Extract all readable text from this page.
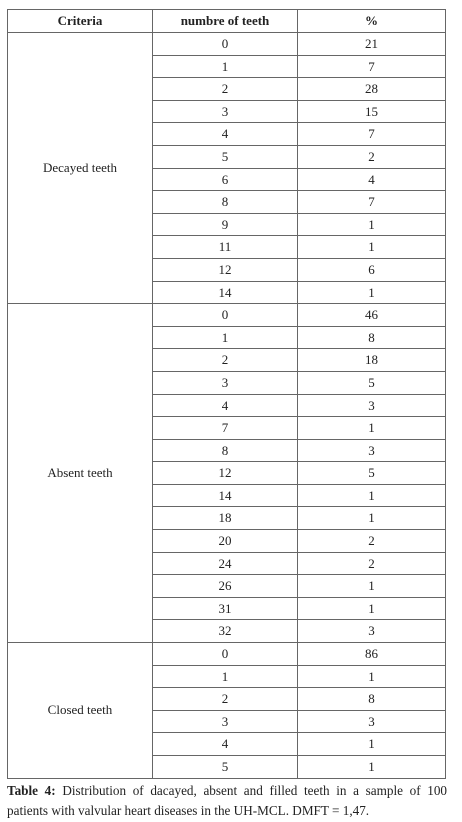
Criteria	numbre of teeth	%
Decayed teeth	0	21
	1	7
	2	28
	3	15
	4	7
	5	2
	6	4
	8	7
	9	1
	11	1
	12	6
	14	1
Absent teeth	0	46
	1	8
	2	18
	3	5
	4	3
	7	1
	8	3
	12	5
	14	1
	18	1
	20	2
	24	2
	26	1
	31	1
	32	3
Closed teeth	0	86
	1	1
	2	8
	3	3
	4	1
	5	1
Table 4: Distribution of dacayed, absent and filled teeth in a sample of 100 patients with valvular heart diseases in the UH-MCL. DMFT = 1,47.
